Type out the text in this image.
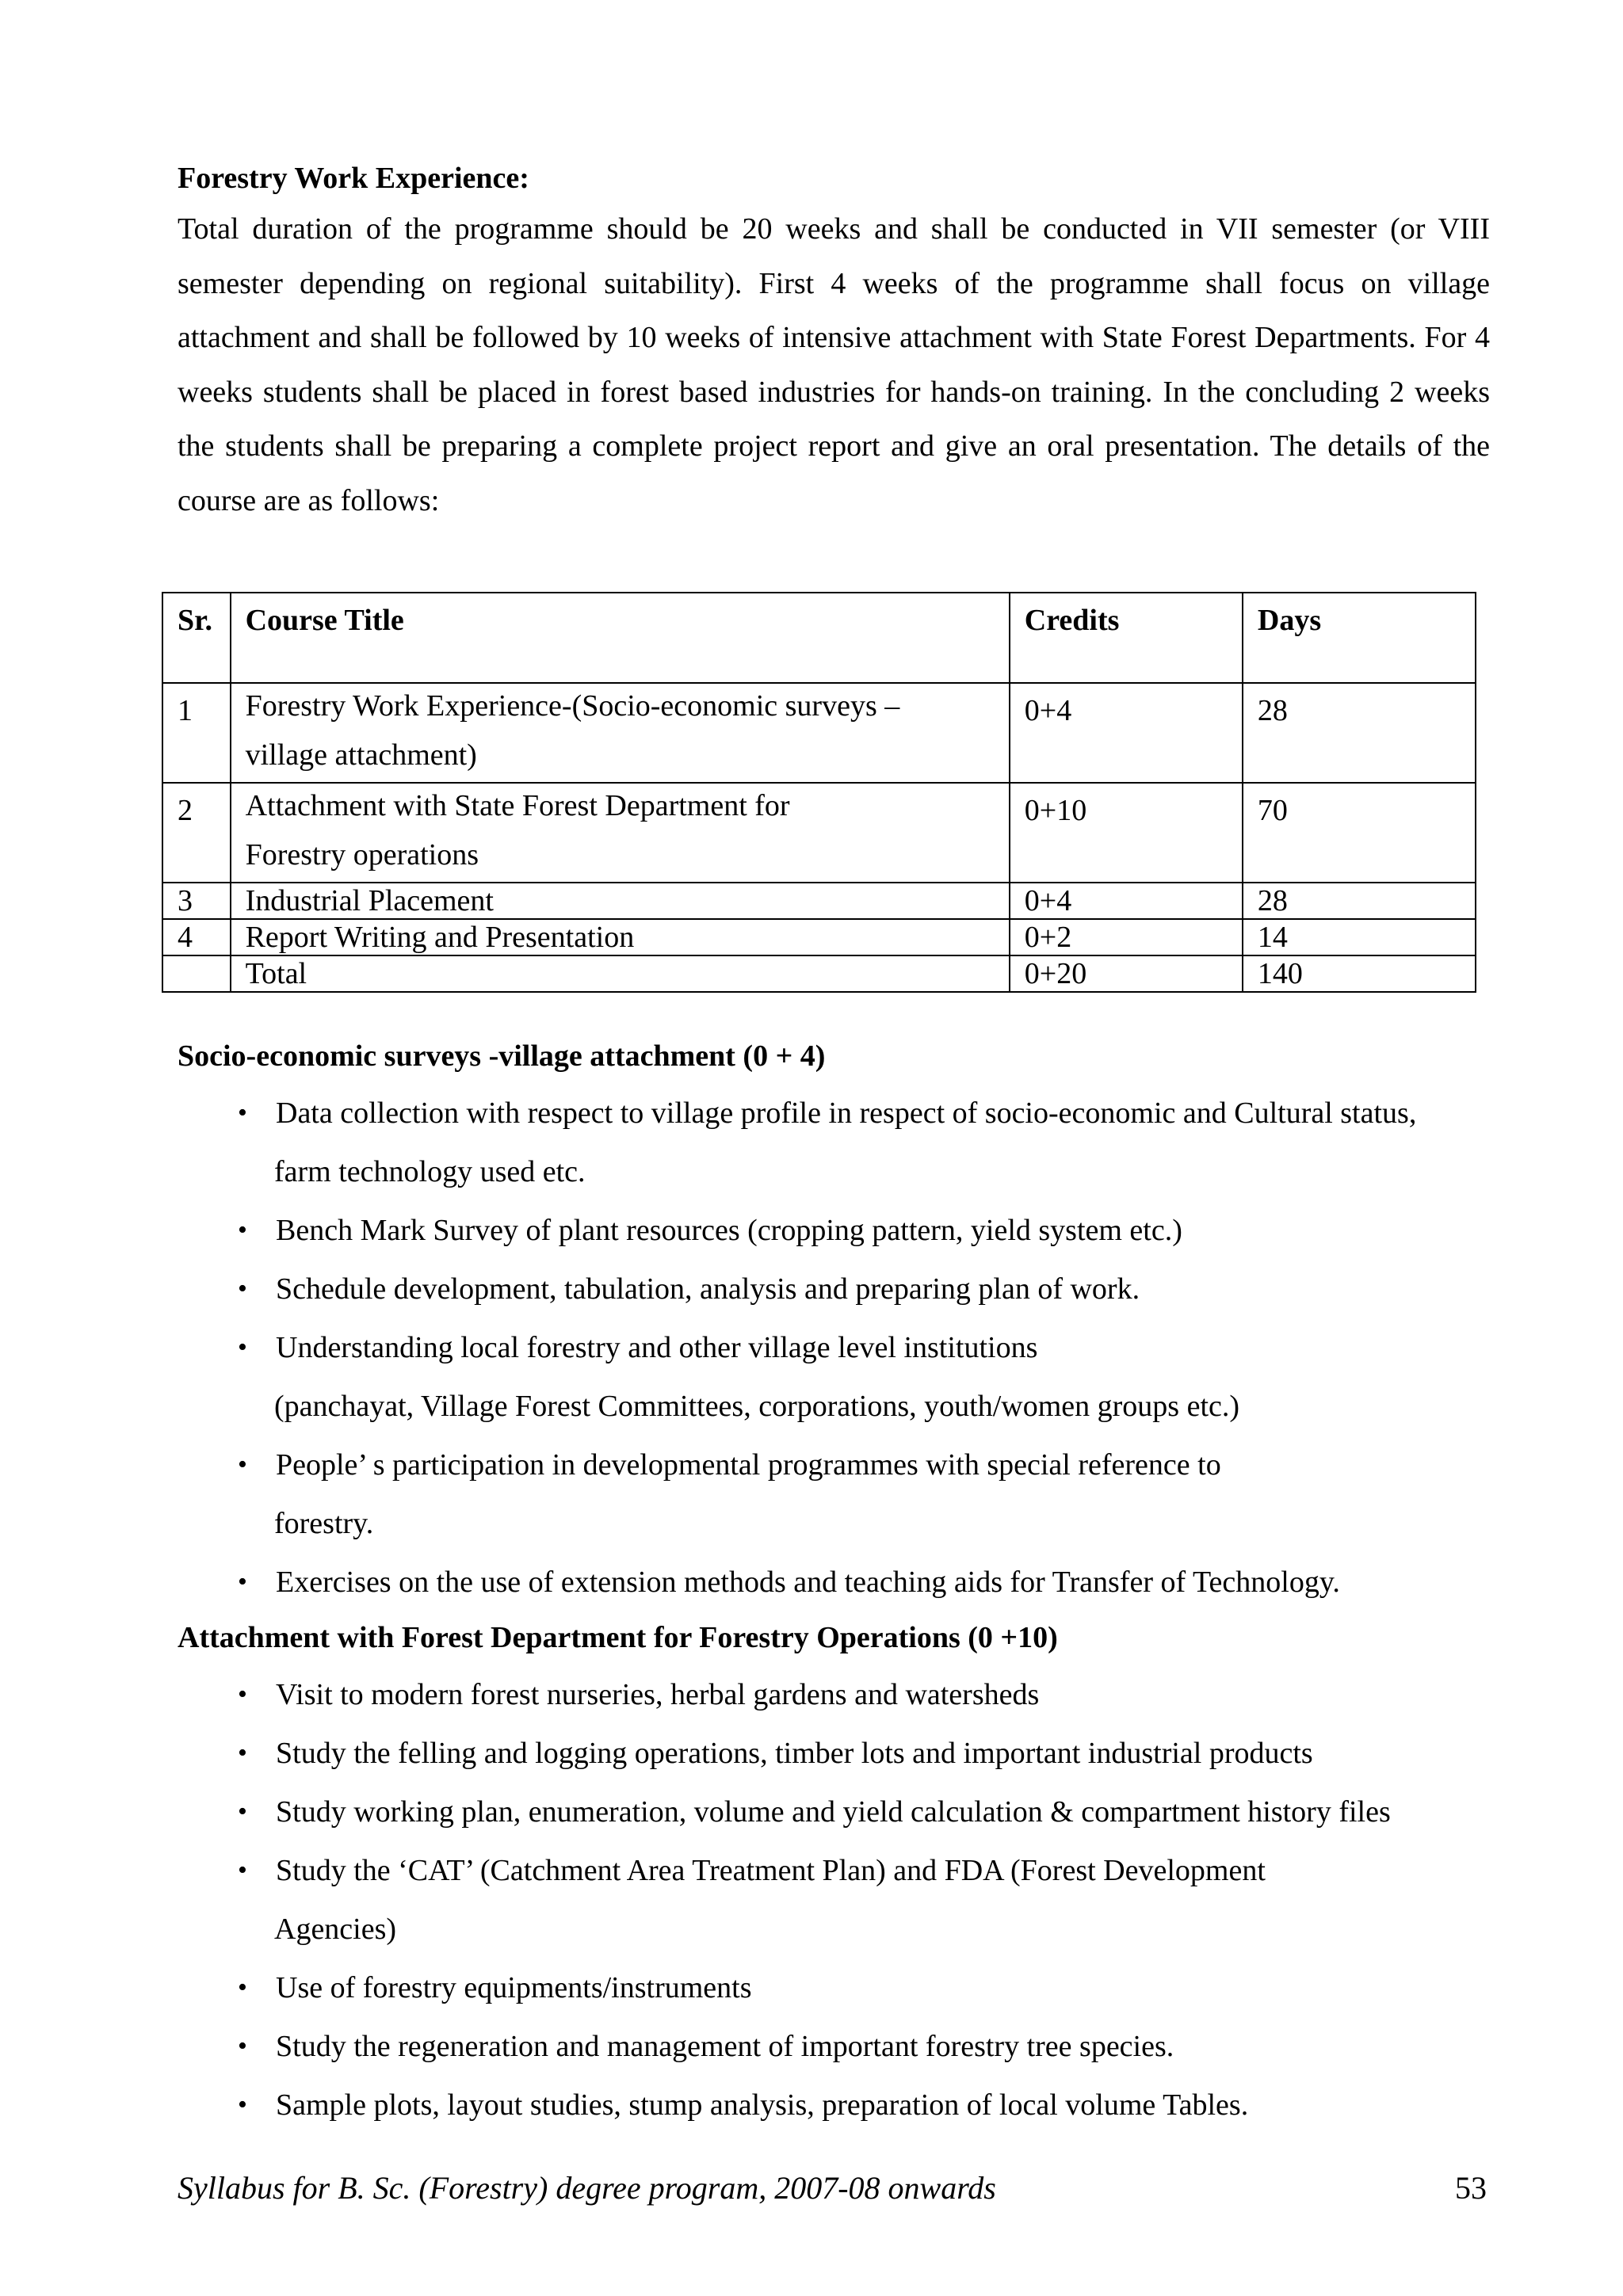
Forestry Work Experience:

Total duration of the programme should be 20 weeks and shall be conducted in VII semester (or VIII semester depending on regional suitability). First 4 weeks of the programme shall focus on village attachment and shall be followed by 10 weeks of intensive attachment with State Forest Departments. For 4 weeks students shall be placed in forest based industries for hands-on training. In the concluding 2 weeks the students shall be preparing a complete project report and give an oral presentation. The details of the course are as follows:

Sr.	Course Title	Credits	Days
1	Forestry Work Experience-(Socio-economic surveys –
village attachment)	0+4	28
2	Attachment with State Forest Department for
Forestry operations	0+10	70
3	Industrial Placement	0+4	28
4	Report Writing and Presentation	0+2	14
	Total	0+20	140
Socio-economic surveys -village attachment (0 + 4)
• Data collection with respect to village profile in respect of socio-economic and Cultural status,
farm technology used etc.
• Bench Mark Survey of plant resources (cropping pattern, yield system etc.)
• Schedule development, tabulation, analysis and preparing plan of work.
• Understanding local forestry and other village level institutions
(panchayat, Village Forest Committees, corporations, youth/women groups etc.)
• People’ s participation in developmental programmes with special reference to
forestry.
• Exercises on the use of extension methods and teaching aids for Transfer of Technology.
Attachment with Forest Department for Forestry Operations (0 +10)
• Visit to modern forest nurseries, herbal gardens and watersheds
• Study the felling and logging operations, timber lots and important industrial products
• Study working plan, enumeration, volume and yield calculation & compartment history files
• Study the ‘CAT’ (Catchment Area Treatment Plan) and FDA (Forest Development
Agencies)
• Use of forestry equipments/instruments
• Study the regeneration and management of important forestry tree species.
• Sample plots, layout studies, stump analysis, preparation of local volume Tables.
Syllabus for B. Sc. (Forestry) degree program, 2007-08 onwards	53
